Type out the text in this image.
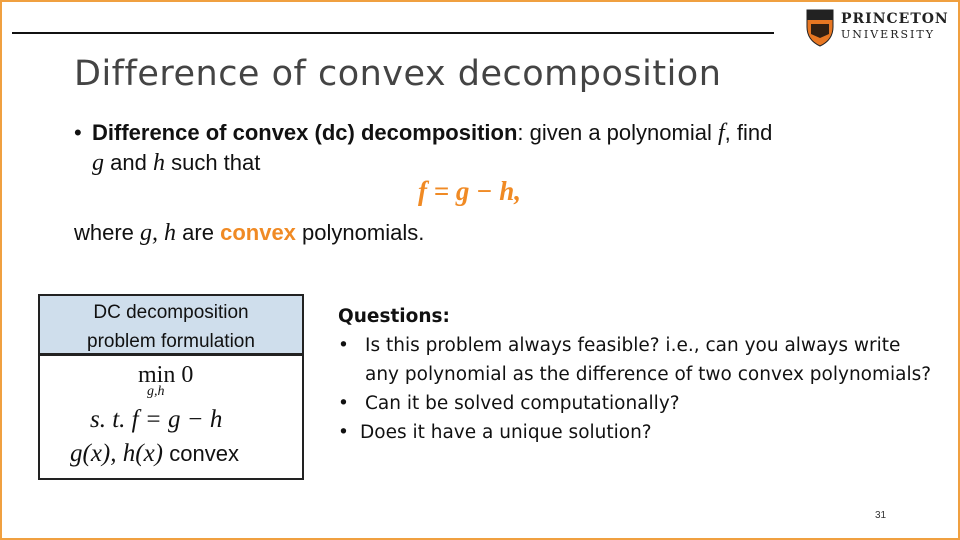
Difference of convex decomposition
PRINCETON
UNIVERSITY
• Difference of convex (dc) decomposition: given a polynomial f, find
g and h such that
f = g − h,
where g, h are convex polynomials.
DC decomposition
problem formulation
min 0
g,h
s. t. f = g − h
g(x), h(x) convex
Questions:
• Is this problem always feasible? i.e., can you always write any polynomial as the difference of two convex polynomials?
• Can it be solved computationally?
• Does it have a unique solution?
31
